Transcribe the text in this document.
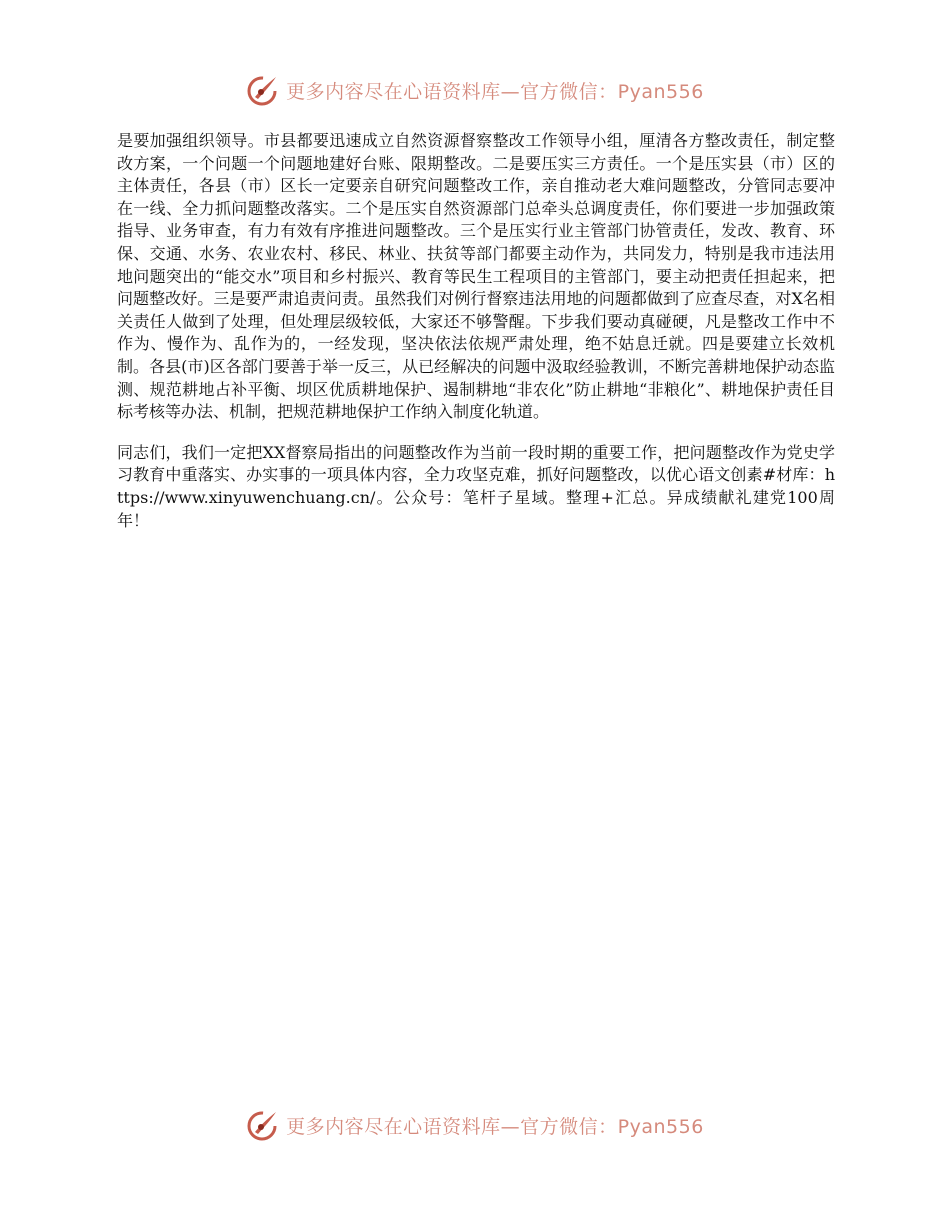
更多内容尽在心语资料库—官方微信：Pyan556

是要加强组织领导。市县都要迅速成立自然资源督察整改工作领导小组，厘清各方整改责任，制定整改方案，一个问题一个问题地建好台账、限期整改。二是要压实三方责任。一个是压实县（市）区的主体责任，各县（市）区长一定要亲自研究问题整改工作，亲自推动老大难问题整改，分管同志要冲在一线、全力抓问题整改落实。二个是压实自然资源部门总牵头总调度责任，你们要进一步加强政策指导、业务审查，有力有效有序推进问题整改。三个是压实行业主管部门协管责任，发改、教育、环保、交通、水务、农业农村、移民、林业、扶贫等部门都要主动作为，共同发力，特别是我市违法用地问题突出的“能交水”项目和乡村振兴、教育等民生工程项目的主管部门，要主动把责任担起来，把问题整改好。三是要严肃追责问责。虽然我们对例行督察违法用地的问题都做到了应查尽查，对X名相关责任人做到了处理，但处理层级较低，大家还不够警醒。下步我们要动真碰硬，凡是整改工作中不作为、慢作为、乱作为的，一经发现，坚决依法依规严肃处理，绝不姑息迁就。四是要建立长效机制。各县(市)区各部门要善于举一反三，从已经解决的问题中汲取经验教训，不断完善耕地保护动态监测、规范耕地占补平衡、坝区优质耕地保护、遏制耕地“非农化”防止耕地“非粮化”、耕地保护责任目标考核等办法、机制，把规范耕地保护工作纳入制度化轨道。

同志们，我们一定把XX督察局指出的问题整改作为当前一段时期的重要工作，把问题整改作为党史学习教育中重落实、办实事的一项具体内容，全力攻坚克难，抓好问题整改，以优心语文创素#材库：https://www.xinyuwenchuang.cn/。公众号：笔杆子星域。整理+汇总。异成绩献礼建党100周年！

更多内容尽在心语资料库—官方微信：Pyan556
